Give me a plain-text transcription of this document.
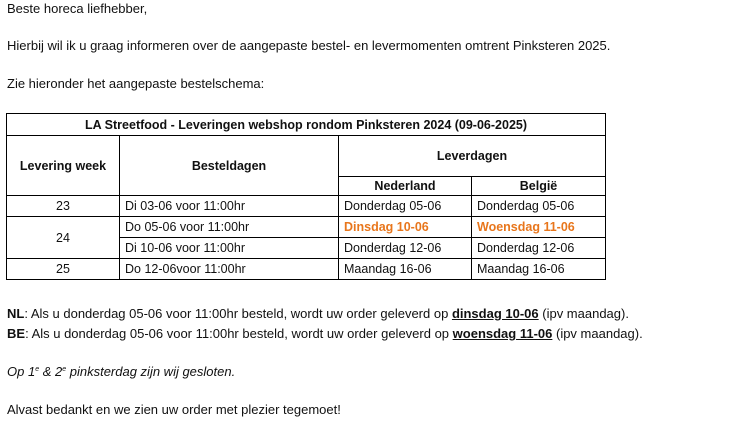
Beste horeca liefhebber,
Hierbij wil ik u graag informeren over de aangepaste bestel- en levermomenten omtrent Pinksteren 2025.
Zie hieronder het aangepaste bestelschema:
LA Streetfood - Leveringen webshop rondom Pinksteren 2024 (09-06-2025)			
Levering week	Besteldagen	Leverdagen	
		Nederland	België
23	Di 03-06 voor 11:00hr	Donderdag 05-06	Donderdag 05-06
24	Do 05-06 voor 11:00hr	Dinsdag 10-06	Woensdag 11-06
	Di 10-06 voor 11:00hr	Donderdag 12-06	Donderdag 12-06
25	Do 12-06voor 11:00hr	Maandag 16-06	Maandag 16-06
NL: Als u donderdag 05-06 voor 11:00hr besteld, wordt uw order geleverd op dinsdag 10-06 (ipv maandag).
BE: Als u donderdag 05-06 voor 11:00hr besteld, wordt uw order geleverd op woensdag 11-06 (ipv maandag).
Op 1e & 2e pinksterdag zijn wij gesloten.
Alvast bedankt en we zien uw order met plezier tegemoet!
